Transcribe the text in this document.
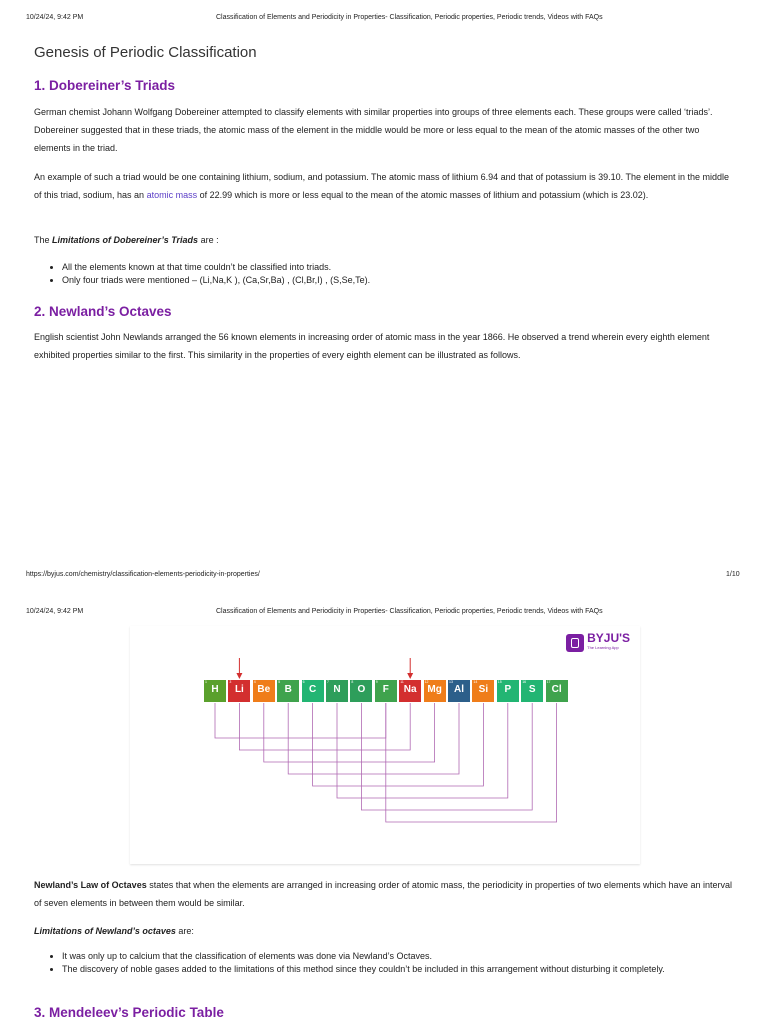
10/24/24, 9:42 PM	Classification of Elements and Periodicity in Properties- Classification, Periodic properties, Periodic trends, Videos with FAQs
Genesis of Periodic Classification
1. Dobereiner’s Triads

German chemist Johann Wolfgang Dobereiner attempted to classify elements with similar properties into groups of three elements each. These groups were called ‘triads’. Dobereiner suggested that in these triads, the atomic mass of the element in the middle would be more or less equal to the mean of the atomic masses of the other two elements in the triad.

An example of such a triad would be one containing lithium, sodium, and potassium. The atomic mass of lithium 6.94 and that of potassium is 39.10. The element in the middle of this triad, sodium, has an atomic mass of 22.99 which is more or less equal to the mean of the atomic masses of lithium and potassium (which is 23.02).

The Limitations of Dobereiner’s Triads are :

• All the elements known at that time couldn’t be classified into triads.
• Only four triads were mentioned – (Li,Na,K ), (Ca,Sr,Ba) , (Cl,Br,I) , (S,Se,Te).
2. Newland’s Octaves

English scientist John Newlands arranged the 56 known elements in increasing order of atomic mass in the year 1866. He observed a trend wherein every eighth element exhibited properties similar to the first. This similarity in the properties of every eighth element can be illustrated as follows.

https://byjus.com/chemistry/classification-elements-periodicity-in-properties/	1/10
10/24/24, 9:42 PM	Classification of Elements and Periodicity in Properties- Classification, Periodic properties, Periodic trends, Videos with FAQs
BYJU'S
The Learning App
1
H
3
Li
4
Be
5
B
6
C
7
N
8
O
9
F
11
Na
12
Mg
13
Al
14
Si
15
P
16
S
17
Cl

Newland’s Law of Octaves states that when the elements are arranged in increasing order of atomic mass, the periodicity in properties of two elements which have an interval of seven elements in between them would be similar.

Limitations of Newland’s octaves are:

• It was only up to calcium that the classification of elements was done via Newland’s Octaves.
• The discovery of noble gases added to the limitations of this method since they couldn’t be included in this arrangement without disturbing it completely.
3. Mendeleev’s Periodic Table
